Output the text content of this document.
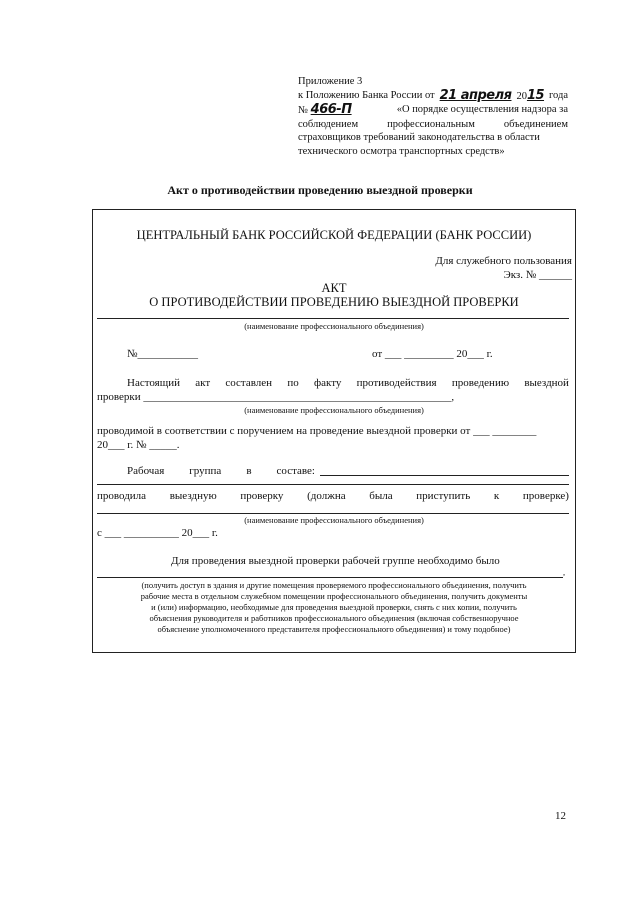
Приложение 3
к Положению Банка России от 21 апреля 2015 года
№ 466-П	«О порядке осуществления надзора за
соблюдением профессиональным объединением
страховщиков требований законодательства в области
технического осмотра транспортных средств»
Акт о противодействии проведению выездной проверки
ЦЕНТРАЛЬНЫЙ БАНК РОССИЙСКОЙ ФЕДЕРАЦИИ (БАНК РОССИИ)
Для служебного пользования
Экз. № ______
АКТ
О ПРОТИВОДЕЙСТВИИ ПРОВЕДЕНИЮ ВЫЕЗДНОЙ ПРОВЕРКИ
(наименование профессионального объединения)
№___________	от ___ _________ 20___ г.
Настоящий акт составлен по факту противодействия проведению выездной
проверки ________________________________________________________,
(наименование профессионального объединения)
проводимой в соответствии с поручением на проведение выездной проверки от ___ ________
20___ г. № _____.
Рабочая группа в составе:
проводила выездную проверку (должна была приступить к проверке)
(наименование профессионального объединения)
с ___ __________ 20___ г.
Для проведения выездной проверки рабочей группе необходимо было
,
(получить доступ в здания и другие помещения проверяемого профессионального объединения, получить
рабочие места в отдельном служебном помещении профессионального объединения, получить документы
и (или) информацию, необходимые для проведения выездной проверки, снять с них копии, получить
объяснения руководителя и работников профессионального объединения (включая собственноручное
объяснение уполномоченного представителя профессионального объединения) и тому подобное)
12
